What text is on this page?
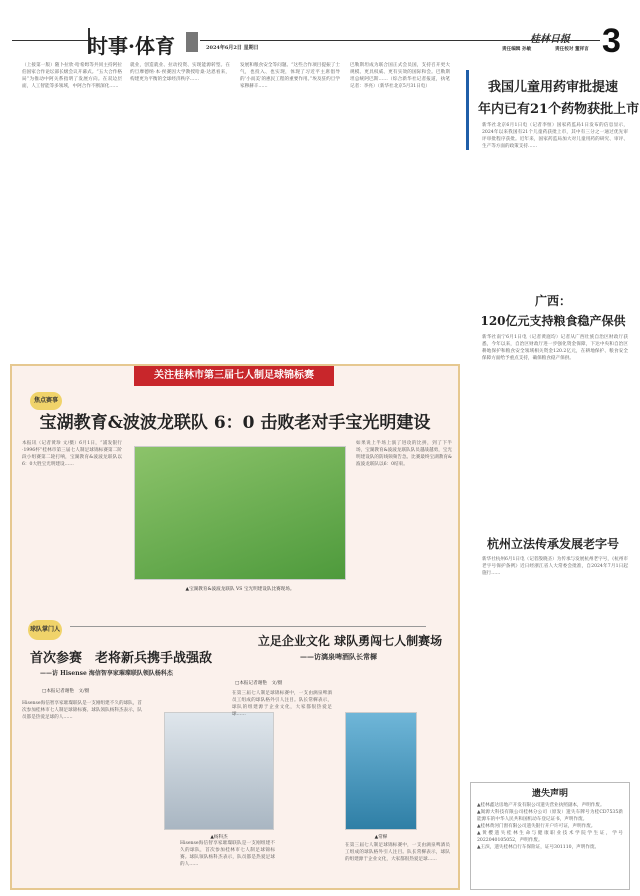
时事·体育	2024年6月2日 星期日
桂林日报 3
责任编辑 孙敏	责任校对 董祥言
（上接第一版）随卜拉欣·哈希姆等共同主持阿拉伯国家合作论坛部长级会议开幕式。“五大合作格局”为推动中阿关系指明了发展方向。在双边层面，人工智能等多领域，中阿合作不断深化……
就业，创造就业、拉动投资、实现能源转型。在约旦摩德纳·本·侯赛因大学教授哈桑·达恩看来，构建更为平衡的全球经济秩序……
发展和粮食安全等问题。“这些合作项目提振了士气，也投入、也实现，体现了习近平主席倡导的‘小而美’的惠民工程的重要作用。”埃及驻约旦学家穆赫辛……
巴勒斯坦成为联合国正式会员国，支持召开更大规模、更具权威、更有实效的国际和会。巴勒斯坦总统阿巴斯……（综合新华社记者报道，执笔记者：李亮）（新华社北京5月31日电）	我国儿童用药审批提速
年内已有21个药物获批上市
新华社北京6月1日电（记者李恒）国家药监局1日发布的信息显示，2024年以来我国有21个儿童药获批上市，其中有三分之一通过优先审评审批程序获批。近年来，国家药监局加大对儿童用药的研究、审评、生产等方面的政策支持……
广西：
120亿元支持粮食稳产保供
新华社南宁6月1日电（记者黄庭均）记者从广西壮族自治区财政厅获悉，今年以来，自治区财政厅进一步强化资金保障，下达中央和自治区耕地保护和粮食安全领域相关资金120.2亿元，在耕地保护、粮食安全保障方面给予重点支持，确保粮食稳产保供。
杭州立法传承发展老字号
新华社杭州6月1日电（记者殷晓圣）为传承与发展杭州老字号，《杭州市老字号保护条例》近日经浙江省人大常委会批准，自2024年7月1日起施行……
遗失声明
▲桂林鑫达房地产开发有限公司遗失营业执照副本，声明作废。
▲阆源大科技有限公司桂林分公司（原发）遗失车牌号为桂CD7535新能源车的中华人民共和国机动车登记证书，声明作废。
▲桂林黄河门窗有限公司遗失银行开户许可证，声明作废。
▲黄樱遗失桂林生命与健康职业技术学院学生证，学号2022040105052，声明作废。
▲王滨，遗失桂林自行车保险证，证号301110，声明作废。
关注桂林市第三届七人制足球锦标赛
焦点赛事
宝湖教育&波波龙联队 6：0 击败老对手宝光明建设
本报讯（记者黄珍 文/摄）6月1日，“浦发银行·1996杯”桂林市第三届七人制足球锦标赛第二阶段小组赛第二轮打响，宝湖教育&波波龙联队以6：0大胜宝光明建设……
▲宝湖教育&波波龙联队 VS 宝光明建设队比赛现场。
如果说上半场上演了进攻的比拼，到了下半场，宝湖教育&波波龙联队队员越战越勇，宝光明建设队的防线频频告急。比赛最终宝湖教育&波波龙联队以6：0结束。
球队掌门人
首次参赛　老将新兵携手战强敌
——访 Hisense 海信智享家璀璨联队领队杨科杰
□本报记者谢艳　文/摄
Hisense海信智享家璀璨联队是一支刚组建不久的球队，首次参加桂林市七人制足球锦标赛。球队领队杨科杰表示，队员都是热爱足球的人……
▲杨科杰
Hisense海信智享家璀璨联队是一支刚组建不久的球队，首次参加桂林市七人制足球锦标赛。球队领队杨科杰表示，队员都是热爱足球的人……
立足企业文化 球队勇闯七人制赛场
——访漓泉啤酒队长常樨
□本报记者谢艳　文/摄
在第三届七人制足球锦标赛中，一支由漓泉啤酒员工组成的球队格外引人注目。队长常樨表示，球队的组建源于企业文化，大家都很热爱足球……
▲常樨
在第三届七人制足球锦标赛中，一支由漓泉啤酒员工组成的球队格外引人注目。队长常樨表示，球队的组建源于企业文化，大家都很热爱足球……
